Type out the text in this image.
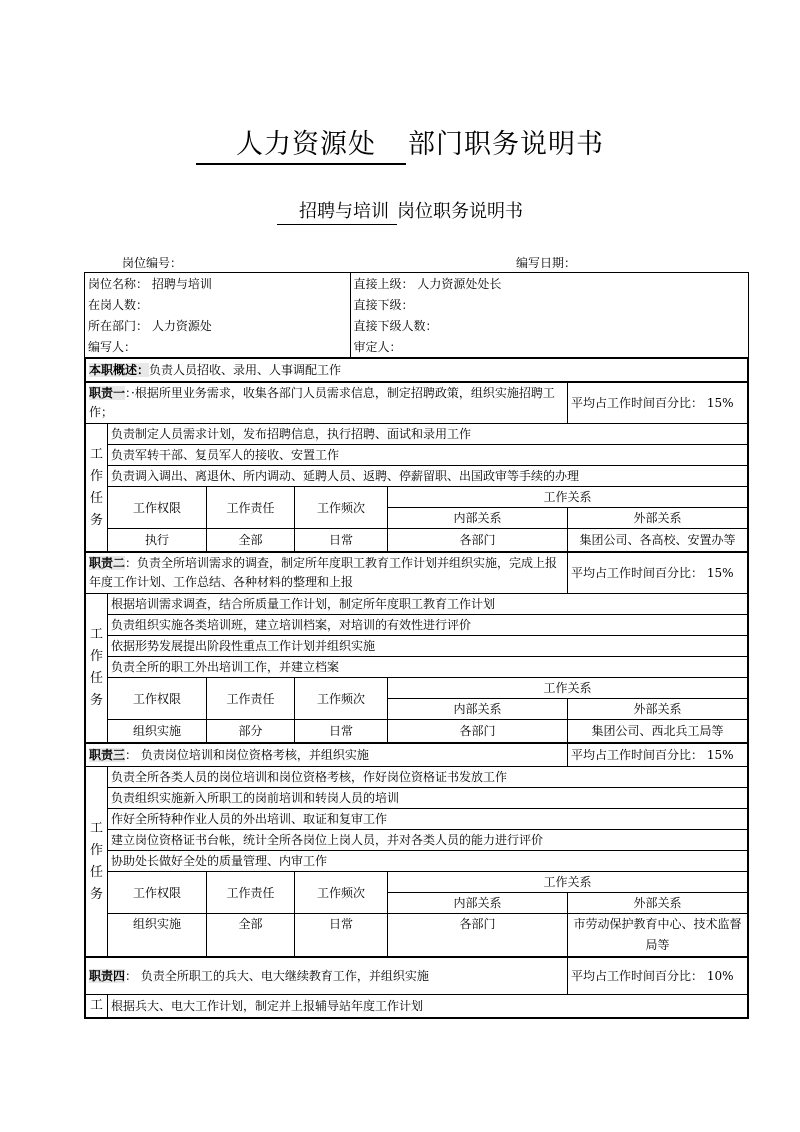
人力资源处 部门职务说明书
招聘与培训 岗位职务说明书
岗位编号：	编写日期：
岗位名称： 招聘与培训	直接上级： 人力资源处处长
在岗人数：	直接下级：
所在部门： 人力资源处	直接下级人数：
编写人：	审定人：
本职概述：负责人员招收、录用、人事调配工作					
职责一：·根据所里业务需求，收集各部门人员需求信息，制定招聘政策，组织实施招聘工作；					平均占工作时间百分比： 15%
工作任务	负责制定人员需求计划，发布招聘信息，执行招聘、面试和录用工作				
	负责军转干部、复员军人的接收、安置工作				
	负责调入调出、离退休、所内调动、延聘人员、返聘、停薪留职、出国政审等手续的办理				
	工作权限	工作责任	工作频次	工作关系	
				内部关系	外部关系
	执行	全部	日常	各部门	集团公司、各高校、安置办等
职责二：负责全所培训需求的调查，制定所年度职工教育工作计划并组织实施，完成上报年度工作计划、工作总结、各种材料的整理和上报					平均占工作时间百分比： 15%
工作任务	根据培训需求调查，结合所质量工作计划，制定所年度职工教育工作计划				
	负责组织实施各类培训班，建立培训档案，对培训的有效性进行评价				
	依据形势发展提出阶段性重点工作计划并组织实施				
	负责全所的职工外出培训工作，并建立档案				
	工作权限	工作责任	工作频次	工作关系	
				内部关系	外部关系
	组织实施	部分	日常	各部门	集团公司、西北兵工局等
职责三： 负责岗位培训和岗位资格考核，并组织实施					平均占工作时间百分比： 15%
工作任务	负责全所各类人员的岗位培训和岗位资格考核，作好岗位资格证书发放工作				
	负责组织实施新入所职工的岗前培训和转岗人员的培训				
	作好全所特种作业人员的外出培训、取证和复审工作				
	建立岗位资格证书台帐，统计全所各岗位上岗人员，并对各类人员的能力进行评价				
	协助处长做好全处的质量管理、内审工作				
	工作权限	工作责任	工作频次	工作关系	
				内部关系	外部关系
	组织实施	全部	日常	各部门	市劳动保护教育中心、技术监督局等
职责四： 负责全所职工的兵大、电大继续教育工作，并组织实施					平均占工作时间百分比： 10%
工	根据兵大、电大工作计划，制定并上报辅导站年度工作计划				
